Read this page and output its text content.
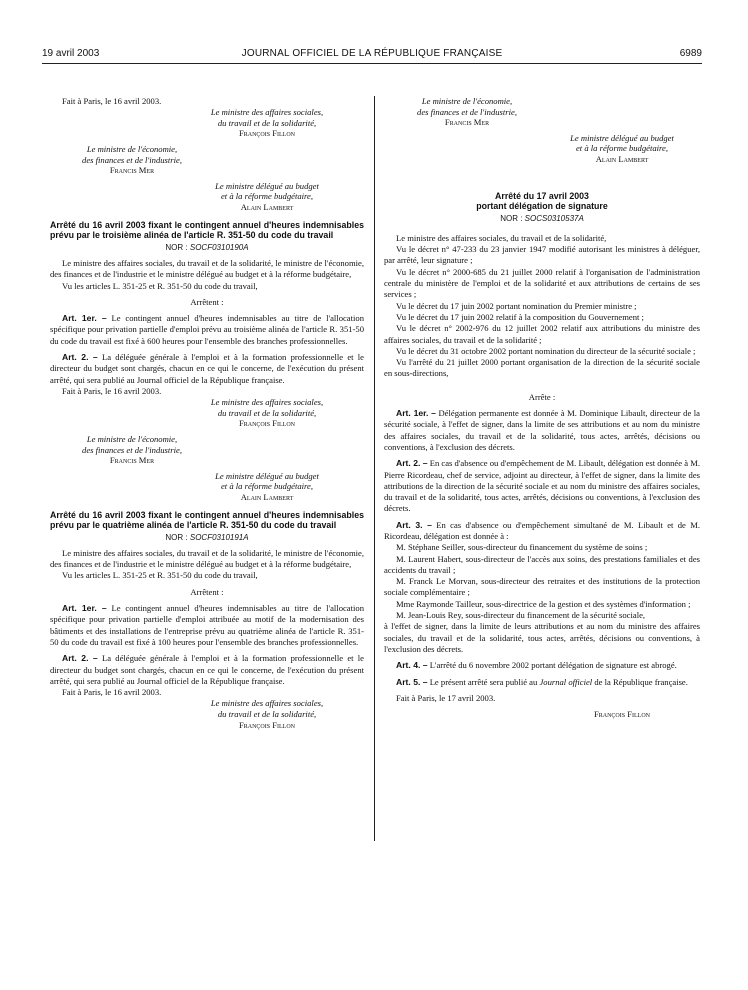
19 avril 2003	JOURNAL OFFICIEL DE LA RÉPUBLIQUE FRANÇAISE	6989

Fait à Paris, le 16 avril 2003.

Le ministre des affaires sociales,
du travail et de la solidarité,
François Fillon
Le ministre de l'économie,
des finances et de l'industrie,
Francis Mer
Le ministre délégué au budget
et à la réforme budgétaire,
Alain Lambert
Arrêté du 16 avril 2003 fixant le contingent annuel d'heures indemnisables prévu par le troisième alinéa de l'article R. 351-50 du code du travail
NOR : SOCF0310190A

Le ministre des affaires sociales, du travail et de la solidarité, le ministre de l'économie, des finances et de l'industrie et le ministre délégué au budget et à la réforme budgétaire,

Vu les articles L. 351-25 et R. 351-50 du code du travail,

Arrêtent :

Art. 1er. – Le contingent annuel d'heures indemnisables au titre de l'allocation spécifique pour privation partielle d'emploi prévu au troisième alinéa de l'article R. 351-50 du code du travail est fixé à 600 heures pour l'ensemble des branches professionnelles.

Art. 2. – La déléguée générale à l'emploi et à la formation professionnelle et le directeur du budget sont chargés, chacun en ce qui le concerne, de l'exécution du présent arrêté, qui sera publié au Journal officiel de la République française.

Fait à Paris, le 16 avril 2003.

Le ministre des affaires sociales,
du travail et de la solidarité,
François Fillon
Le ministre de l'économie,
des finances et de l'industrie,
Francis Mer
Le ministre délégué au budget
et à la réforme budgétaire,
Alain Lambert
Arrêté du 16 avril 2003 fixant le contingent annuel d'heures indemnisables prévu par le quatrième alinéa de l'article R. 351-50 du code du travail
NOR : SOCF0310191A

Le ministre des affaires sociales, du travail et de la solidarité, le ministre de l'économie, des finances et de l'industrie et le ministre délégué au budget et à la réforme budgétaire,

Vu les articles L. 351-25 et R. 351-50 du code du travail,

Arrêtent :

Art. 1er. – Le contingent annuel d'heures indemnisables au titre de l'allocation spécifique pour privation partielle d'emploi attribuée au motif de la modernisation des bâtiments et des installations de l'entreprise prévu au quatrième alinéa de l'article R. 351-50 du code du travail est fixé à 100 heures pour l'ensemble des branches professionnelles.

Art. 2. – La déléguée générale à l'emploi et à la formation professionnelle et le directeur du budget sont chargés, chacun en ce qui le concerne, de l'exécution du présent arrêté, qui sera publié au Journal officiel de la République française.

Fait à Paris, le 16 avril 2003.

Le ministre des affaires sociales,
du travail et de la solidarité,
François Fillon
Le ministre de l'économie,
des finances et de l'industrie,
Francis Mer
Le ministre délégué au budget
et à la réforme budgétaire,
Alain Lambert
Arrêté du 17 avril 2003
portant délégation de signature
NOR : SOCS0310537A

Le ministre des affaires sociales, du travail et de la solidarité,

Vu le décret n° 47-233 du 23 janvier 1947 modifié autorisant les ministres à déléguer, par arrêté, leur signature ;

Vu le décret n° 2000-685 du 21 juillet 2000 relatif à l'organisation de l'administration centrale du ministère de l'emploi et de la solidarité et aux attributions de certains de ses services ;

Vu le décret du 17 juin 2002 portant nomination du Premier ministre ;

Vu le décret du 17 juin 2002 relatif à la composition du Gouvernement ;

Vu le décret n° 2002-976 du 12 juillet 2002 relatif aux attributions du ministre des affaires sociales, du travail et de la solidarité ;

Vu le décret du 31 octobre 2002 portant nomination du directeur de la sécurité sociale ;

Vu l'arrêté du 21 juillet 2000 portant organisation de la direction de la sécurité sociale en sous-directions,

Arrête :

Art. 1er. – Délégation permanente est donnée à M. Dominique Libault, directeur de la sécurité sociale, à l'effet de signer, dans la limite de ses attributions et au nom du ministre des affaires sociales, du travail et de la solidarité, tous actes, arrêtés, décisions ou conventions, à l'exclusion des décrets.

Art. 2. – En cas d'absence ou d'empêchement de M. Libault, délégation est donnée à M. Pierre Ricordeau, chef de service, adjoint au directeur, à l'effet de signer, dans la limite des attributions de la direction de la sécurité sociale et au nom du ministre des affaires sociales, du travail et de la solidarité, tous actes, arrêtés, décisions ou conventions, à l'exclusion des décrets.

Art. 3. – En cas d'absence ou d'empêchement simultané de M. Libault et de M. Ricordeau, délégation est donnée à :

M. Stéphane Seiller, sous-directeur du financement du système de soins ;

M. Laurent Habert, sous-directeur de l'accès aux soins, des prestations familiales et des accidents du travail ;

M. Franck Le Morvan, sous-directeur des retraites et des institutions de la protection sociale complémentaire ;

Mme Raymonde Tailleur, sous-directrice de la gestion et des systèmes d'information ;

M. Jean-Louis Rey, sous-directeur du financement de la sécurité sociale,

à l'effet de signer, dans la limite de leurs attributions et au nom du ministre des affaires sociales, du travail et de la solidarité, tous actes, arrêtés, décisions ou conventions, à l'exclusion des décrets.

Art. 4. – L'arrêté du 6 novembre 2002 portant délégation de signature est abrogé.

Art. 5. – Le présent arrêté sera publié au Journal officiel de la République française.

Fait à Paris, le 17 avril 2003.

François Fillon
